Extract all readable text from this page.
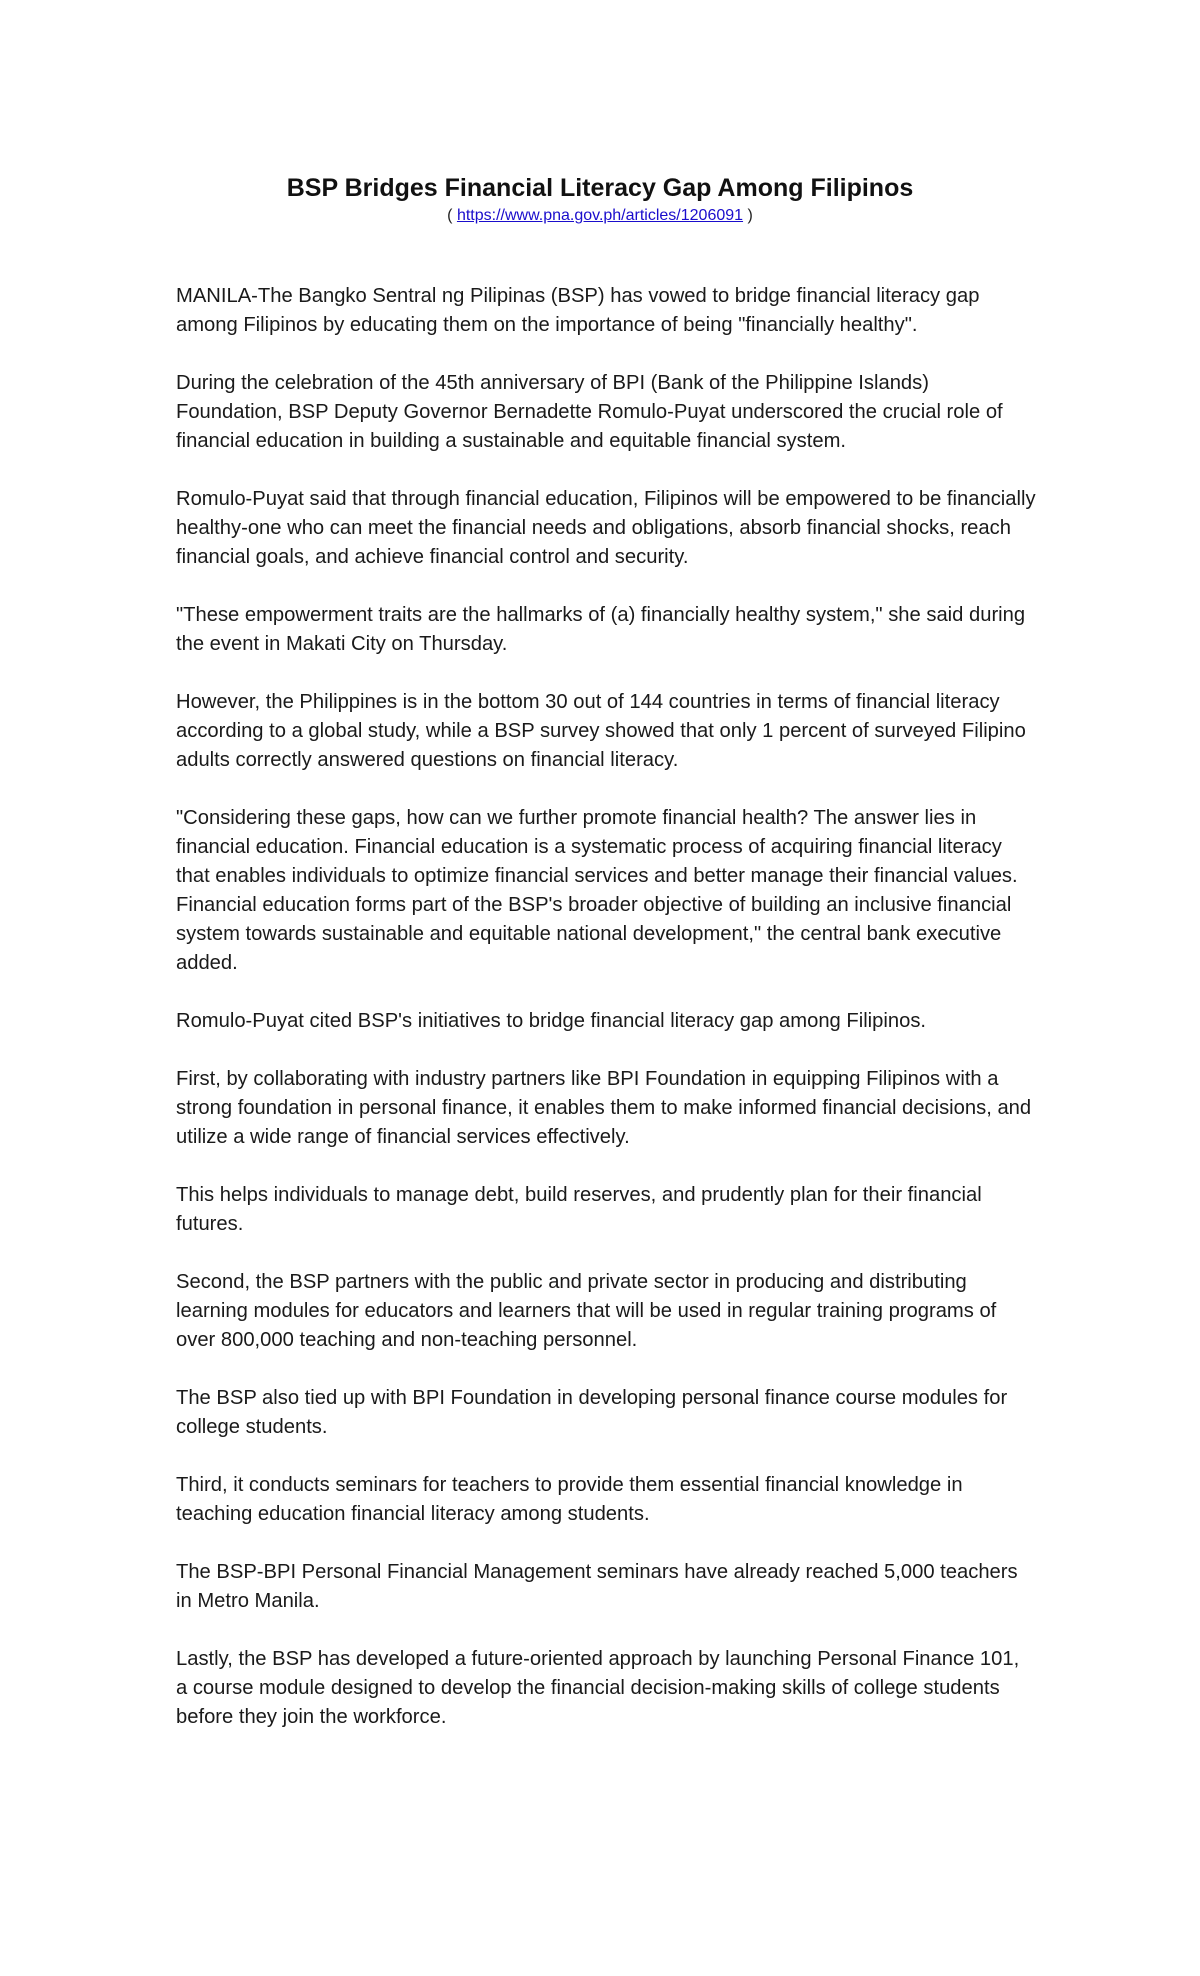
BSP Bridges Financial Literacy Gap Among Filipinos
( https://www.pna.gov.ph/articles/1206091 )

MANILA-The Bangko Sentral ng Pilipinas (BSP) has vowed to bridge financial literacy gap among Filipinos by educating them on the importance of being "financially healthy".

During the celebration of the 45th anniversary of BPI (Bank of the Philippine Islands) Foundation, BSP Deputy Governor Bernadette Romulo-Puyat underscored the crucial role of financial education in building a sustainable and equitable financial system.

Romulo-Puyat said that through financial education, Filipinos will be empowered to be financially healthy-one who can meet the financial needs and obligations, absorb financial shocks, reach financial goals, and achieve financial control and security.

"These empowerment traits are the hallmarks of (a) financially healthy system," she said during the event in Makati City on Thursday.

However, the Philippines is in the bottom 30 out of 144 countries in terms of financial literacy according to a global study, while a BSP survey showed that only 1 percent of surveyed Filipino adults correctly answered questions on financial literacy.

"Considering these gaps, how can we further promote financial health? The answer lies in financial education. Financial education is a systematic process of acquiring financial literacy that enables individuals to optimize financial services and better manage their financial values. Financial education forms part of the BSP's broader objective of building an inclusive financial system towards sustainable and equitable national development," the central bank executive added.

Romulo-Puyat cited BSP's initiatives to bridge financial literacy gap among Filipinos.

First, by collaborating with industry partners like BPI Foundation in equipping Filipinos with a strong foundation in personal finance, it enables them to make informed financial decisions, and utilize a wide range of financial services effectively.

This helps individuals to manage debt, build reserves, and prudently plan for their financial futures.

Second, the BSP partners with the public and private sector in producing and distributing learning modules for educators and learners that will be used in regular training programs of over 800,000 teaching and non-teaching personnel.

The BSP also tied up with BPI Foundation in developing personal finance course modules for college students.

Third, it conducts seminars for teachers to provide them essential financial knowledge in teaching education financial literacy among students.

The BSP-BPI Personal Financial Management seminars have already reached 5,000 teachers in Metro Manila.

Lastly, the BSP has developed a future-oriented approach by launching Personal Finance 101, a course module designed to develop the financial decision-making skills of college students before they join the workforce.
